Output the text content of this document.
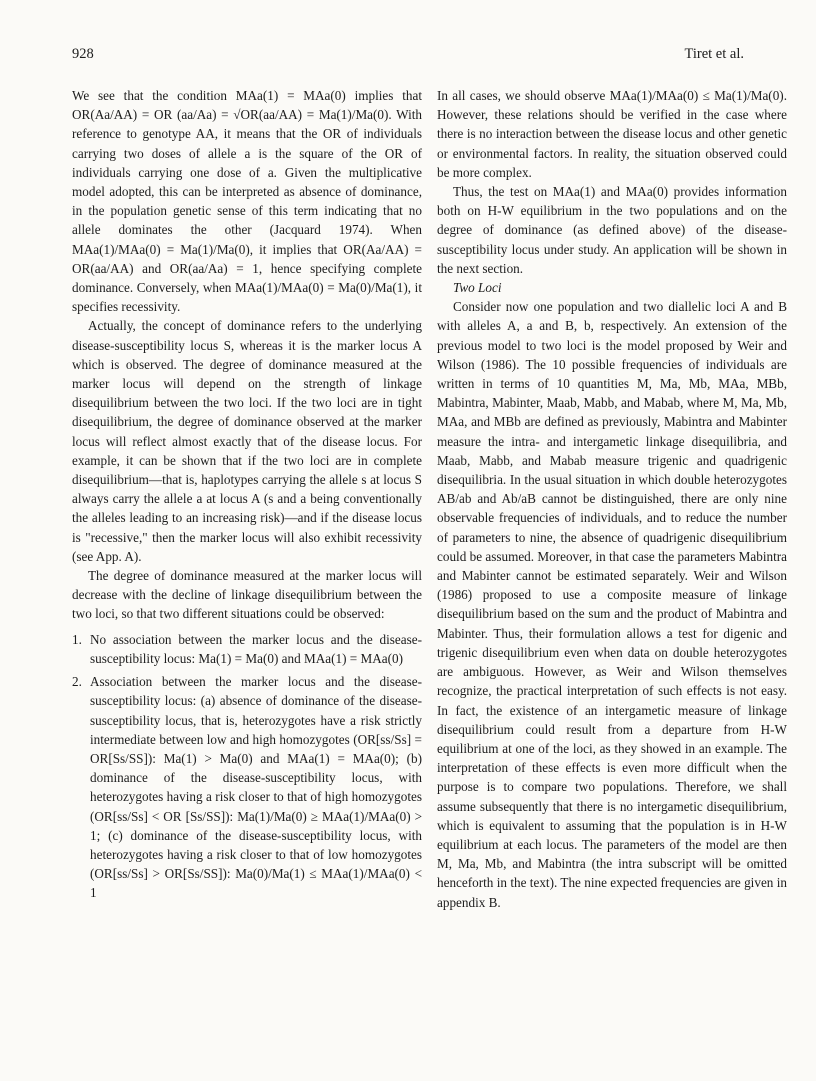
928	Tiret et al.

We see that the condition MAa(1) = MAa(0) implies that OR(Aa/AA) = OR (aa/Aa) = √OR(aa/AA) = Ma(1)/Ma(0). With reference to genotype AA, it means that the OR of individuals carrying two doses of allele a is the square of the OR of individuals carrying one dose of a. Given the multiplicative model adopted, this can be interpreted as absence of dominance, in the population genetic sense of this term indicating that no allele dominates the other (Jacquard 1974). When MAa(1)/MAa(0) = Ma(1)/Ma(0), it implies that OR(Aa/AA) = OR(aa/AA) and OR(aa/Aa) = 1, hence specifying complete dominance. Conversely, when MAa(1)/MAa(0) = Ma(0)/Ma(1), it specifies recessivity.

Actually, the concept of dominance refers to the underlying disease-susceptibility locus S, whereas it is the marker locus A which is observed. The degree of dominance measured at the marker locus will depend on the strength of linkage disequilibrium between the two loci. If the two loci are in tight disequilibrium, the degree of dominance observed at the marker locus will reflect almost exactly that of the disease locus. For example, it can be shown that if the two loci are in complete disequilibrium—that is, haplotypes carrying the allele s at locus S always carry the allele a at locus A (s and a being conventionally the alleles leading to an increasing risk)—and if the disease locus is "recessive," then the marker locus will also exhibit recessivity (see App. A).

The degree of dominance measured at the marker locus will decrease with the decline of linkage disequilibrium between the two loci, so that two different situations could be observed:

1. No association between the marker locus and the disease-susceptibility locus: Ma(1) = Ma(0) and MAa(1) = MAa(0)
2. Association between the marker locus and the disease-susceptibility locus: (a) absence of dominance of the disease-susceptibility locus, that is, heterozygotes have a risk strictly intermediate between low and high homozygotes (OR[ss/Ss] = OR[Ss/SS]): Ma(1) > Ma(0) and MAa(1) = MAa(0); (b) dominance of the disease-susceptibility locus, with heterozygotes having a risk closer to that of high homozygotes (OR[ss/Ss] < OR [Ss/SS]): Ma(1)/Ma(0) ≥ MAa(1)/MAa(0) > 1; (c) dominance of the disease-susceptibility locus, with heterozygotes having a risk closer to that of low homozygotes (OR[ss/Ss] > OR[Ss/SS]): Ma(0)/Ma(1) ≤ MAa(1)/MAa(0) < 1

In all cases, we should observe MAa(1)/MAa(0) ≤ Ma(1)/Ma(0). However, these relations should be verified in the case where there is no interaction between the disease locus and other genetic or environmental factors. In reality, the situation observed could be more complex.

Thus, the test on MAa(1) and MAa(0) provides information both on H-W equilibrium in the two populations and on the degree of dominance (as defined above) of the disease-susceptibility locus under study. An application will be shown in the next section.

Two Loci

Consider now one population and two diallelic loci A and B with alleles A, a and B, b, respectively. An extension of the previous model to two loci is the model proposed by Weir and Wilson (1986). The 10 possible frequencies of individuals are written in terms of 10 quantities M, Ma, Mb, MAa, MBb, Mabintra, Mabinter, Maab, Mabb, and Mabab, where M, Ma, Mb, MAa, and MBb are defined as previously, Mabintra and Mabinter measure the intra- and intergametic linkage disequilibria, and Maab, Mabb, and Mabab measure trigenic and quadrigenic disequilibria. In the usual situation in which double heterozygotes AB/ab and Ab/aB cannot be distinguished, there are only nine observable frequencies of individuals, and to reduce the number of parameters to nine, the absence of quadrigenic disequilibrium could be assumed. Moreover, in that case the parameters Mabintra and Mabinter cannot be estimated separately. Weir and Wilson (1986) proposed to use a composite measure of linkage disequilibrium based on the sum and the product of Mabintra and Mabinter. Thus, their formulation allows a test for digenic and trigenic disequilibrium even when data on double heterozygotes are ambiguous. However, as Weir and Wilson themselves recognize, the practical interpretation of such effects is not easy. In fact, the existence of an intergametic measure of linkage disequilibrium could result from a departure from H-W equilibrium at one of the loci, as they showed in an example. The interpretation of these effects is even more difficult when the purpose is to compare two populations. Therefore, we shall assume subsequently that there is no intergametic disequilibrium, which is equivalent to assuming that the population is in H-W equilibrium at each locus. The parameters of the model are then M, Ma, Mb, and Mabintra (the intra subscript will be omitted henceforth in the text). The nine expected frequencies are given in appendix B.
